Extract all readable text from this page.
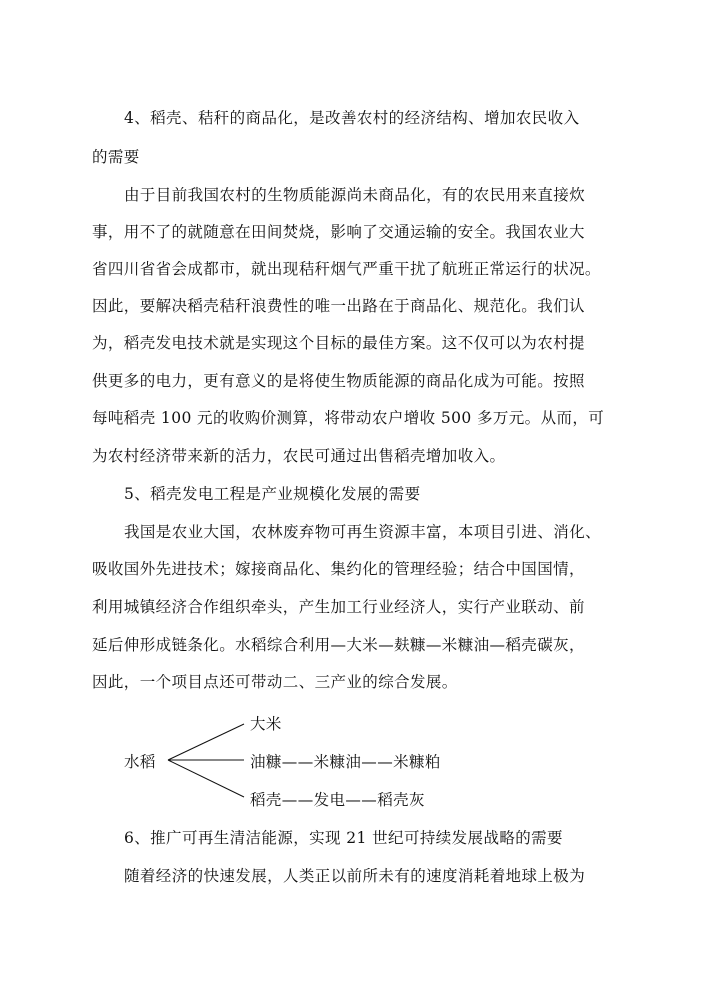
4、稻壳、秸秆的商品化，是改善农村的经济结构、增加农民收入
的需要
由于目前我国农村的生物质能源尚未商品化，有的农民用来直接炊
事，用不了的就随意在田间焚烧，影响了交通运输的安全。我国农业大
省四川省省会成都市，就出现秸秆烟气严重干扰了航班正常运行的状况。
因此，要解决稻壳秸秆浪费性的唯一出路在于商品化、规范化。我们认
为，稻壳发电技术就是实现这个目标的最佳方案。这不仅可以为农村提
供更多的电力，更有意义的是将使生物质能源的商品化成为可能。按照
每吨稻壳 100 元的收购价测算，将带动农户增收 500 多万元。从而，可
为农村经济带来新的活力，农民可通过出售稻壳增加收入。
5、稻壳发电工程是产业规模化发展的需要
我国是农业大国，农林废弃物可再生资源丰富，本项目引进、消化、
吸收国外先进技术；嫁接商品化、集约化的管理经验；结合中国国情，
利用城镇经济合作组织牵头，产生加工行业经济人，实行产业联动、前
延后伸形成链条化。水稻综合利用—大米—麸糠—米糠油—稻壳碳灰，
因此，一个项目点还可带动二、三产业的综合发展。
水稻
大米
油糠——米糠油——米糠粕
稻壳——发电——稻壳灰
6、推广可再生清洁能源，实现 21 世纪可持续发展战略的需要
随着经济的快速发展，人类正以前所未有的速度消耗着地球上极为
